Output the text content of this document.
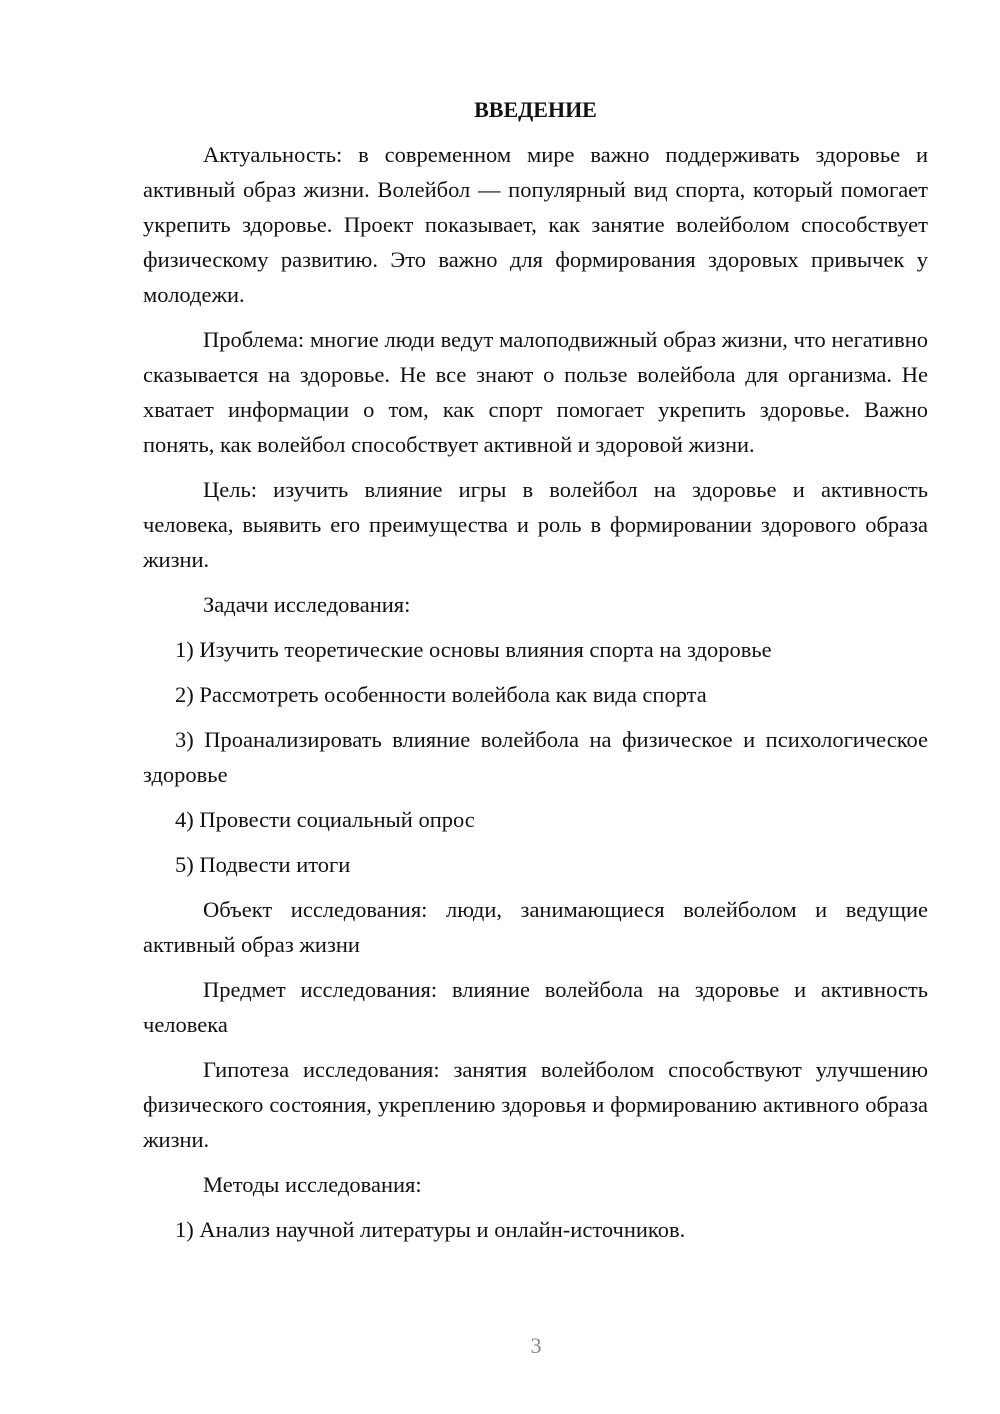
ВВЕДЕНИЕ

Актуальность: в современном мире важно поддерживать здоровье и активный образ жизни. Волейбол — популярный вид спорта, который помогает укрепить здоровье. Проект показывает, как занятие волейболом способствует физическому развитию. Это важно для формирования здоровых привычек у молодежи.

Проблема: многие люди ведут малоподвижный образ жизни, что негативно сказывается на здоровье. Не все знают о пользе волейбола для организма. Не хватает информации о том, как спорт помогает укрепить здоровье. Важно понять, как волейбол способствует активной и здоровой жизни.

Цель: изучить влияние игры в волейбол на здоровье и активность человека, выявить его преимущества и роль в формировании здорового образа жизни.

Задачи исследования:

1) Изучить теоретические основы влияния спорта на здоровье
2) Рассмотреть особенности волейбола как вида спорта
3) Проанализировать влияние волейбола на физическое и психологическое здоровье
4) Провести социальный опрос
5) Подвести итоги

Объект исследования: люди, занимающиеся волейболом и ведущие активный образ жизни

Предмет исследования: влияние волейбола на здоровье и активность человека

Гипотеза исследования: занятия волейболом способствуют улучшению физического состояния, укреплению здоровья и формированию активного образа жизни.

Методы исследования:

1) Анализ научной литературы и онлайн-источников.
3
